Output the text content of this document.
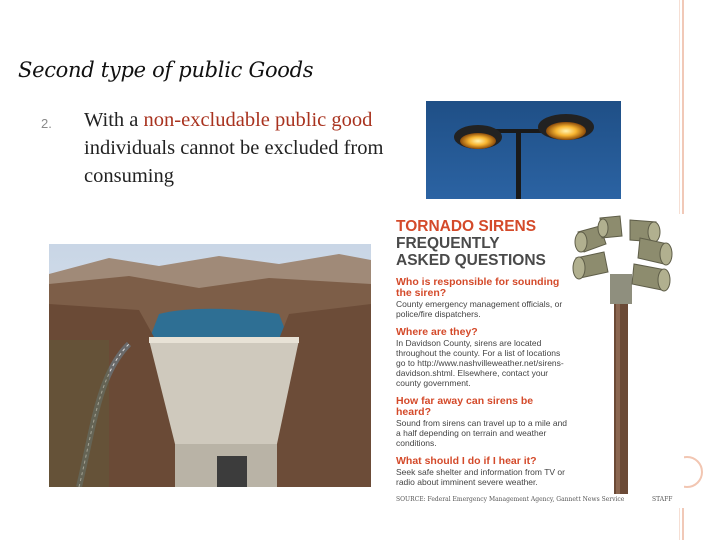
Second type of public Goods
2. With a non-excludable public good individuals cannot be excluded from consuming
TORNADO SIRENS
FREQUENTLY
ASKED QUESTIONS
Who is responsible for sounding the siren?
County emergency management officials, or police/fire dispatchers.
Where are they?
In Davidson County, sirens are located throughout the county. For a list of locations go to http://www.nashvilleweather.net/sirens-davidson.shtml. Elsewhere, contact your county government.
How far away can sirens be heard?
Sound from sirens can travel up to a mile and a half depending on terrain and weather conditions.
What should I do if I hear it?
Seek safe shelter and information from TV or radio about imminent severe weather.
SOURCE: Federal Emergency Management Agency, Gannett News Service	STAFF
